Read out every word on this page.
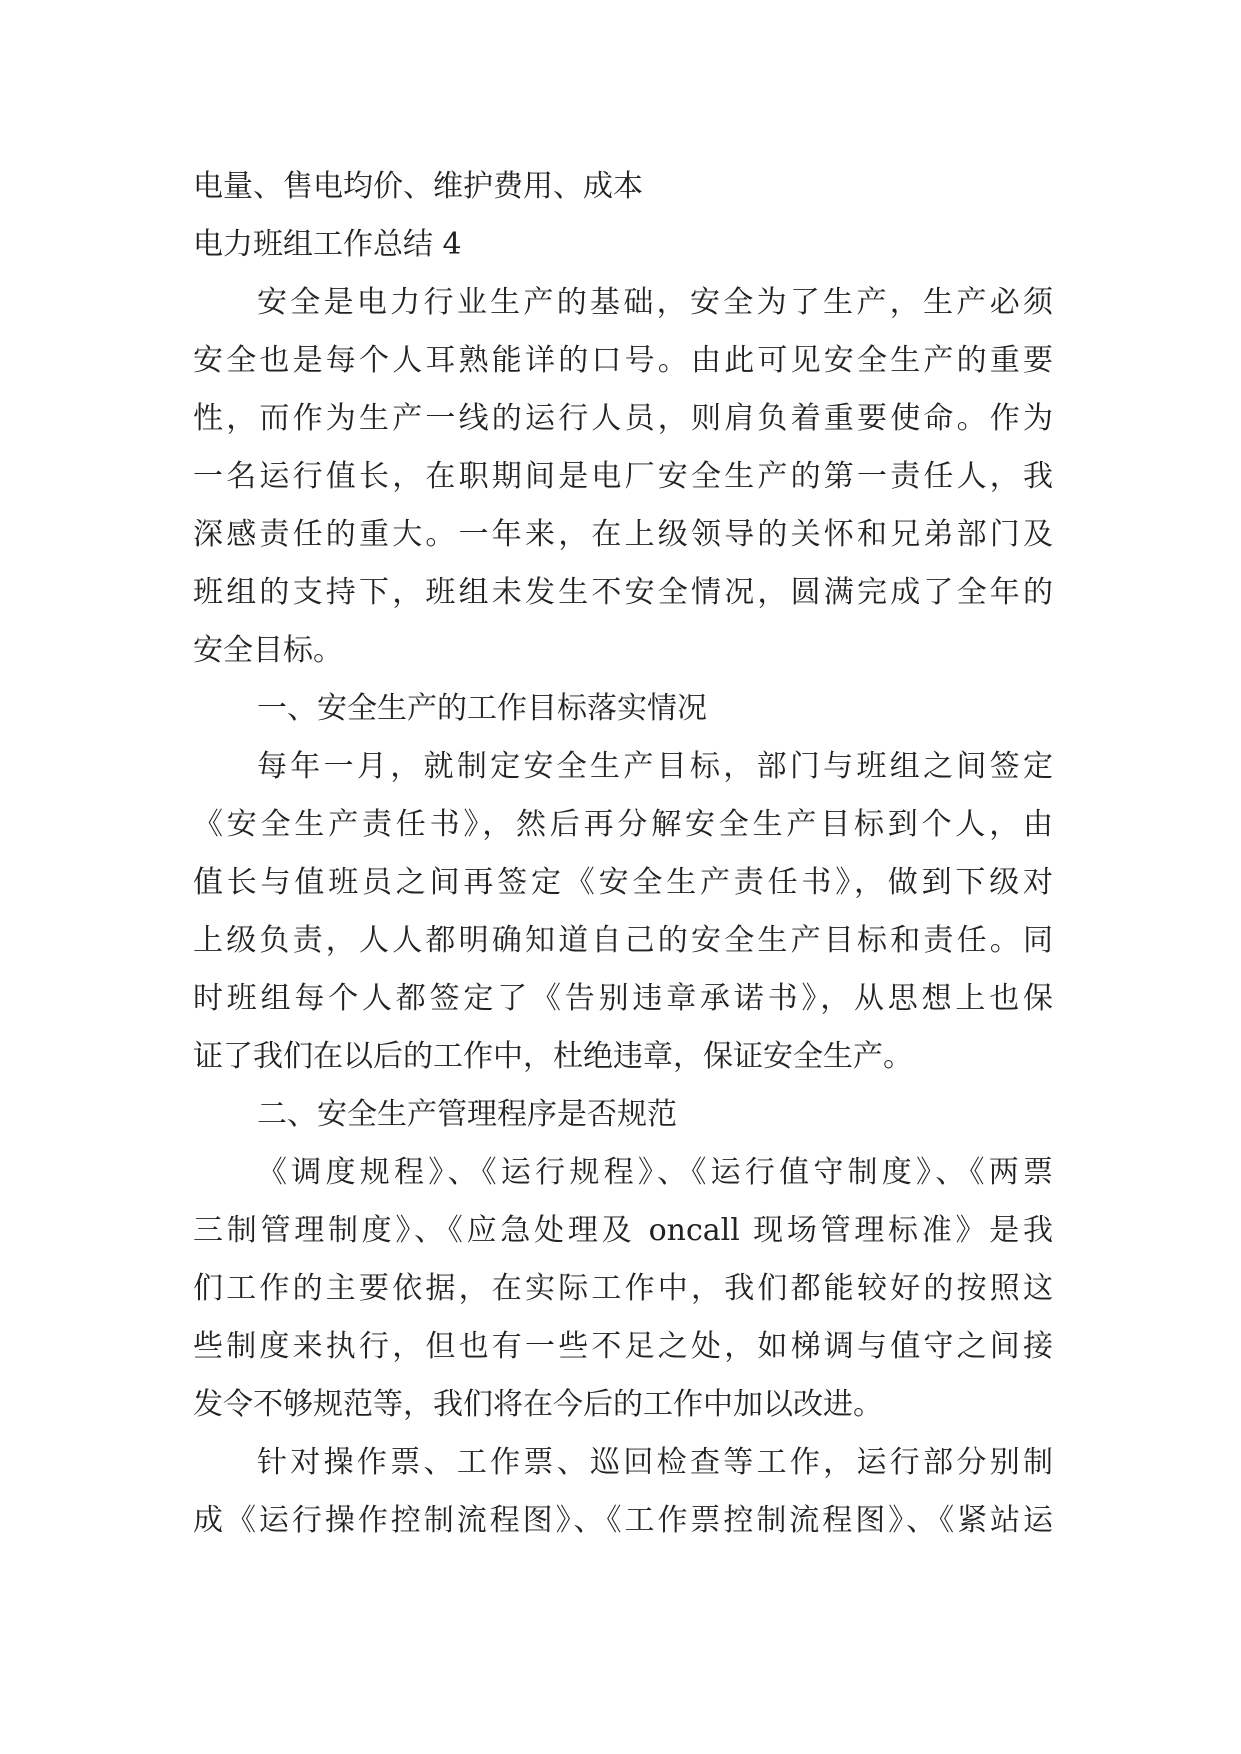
电量、售电均价、维护费用、成本
电力班组工作总结 4
安全是电力行业生产的基础，安全为了生产，生产必须
安全也是每个人耳熟能详的口号。由此可见安全生产的重要
性，而作为生产一线的运行人员，则肩负着重要使命。作为
一名运行值长，在职期间是电厂安全生产的第一责任人，我
深感责任的重大。一年来，在上级领导的关怀和兄弟部门及
班组的支持下，班组未发生不安全情况，圆满完成了全年的
安全目标。
一、安全生产的工作目标落实情况
每年一月，就制定安全生产目标，部门与班组之间签定
《安全生产责任书》，然后再分解安全生产目标到个人，由
值长与值班员之间再签定《安全生产责任书》，做到下级对
上级负责，人人都明确知道自己的安全生产目标和责任。同
时班组每个人都签定了《告别违章承诺书》，从思想上也保
证了我们在以后的工作中，杜绝违章，保证安全生产。
二、安全生产管理程序是否规范
《调度规程》、《运行规程》、《运行值守制度》、《两票
三制管理制度》、《应急处理及 oncall 现场管理标准》是我
们工作的主要依据，在实际工作中，我们都能较好的按照这
些制度来执行，但也有一些不足之处，如梯调与值守之间接
发令不够规范等，我们将在今后的工作中加以改进。
针对操作票、工作票、巡回检查等工作，运行部分别制
成《运行操作控制流程图》、《工作票控制流程图》、《紧站运
